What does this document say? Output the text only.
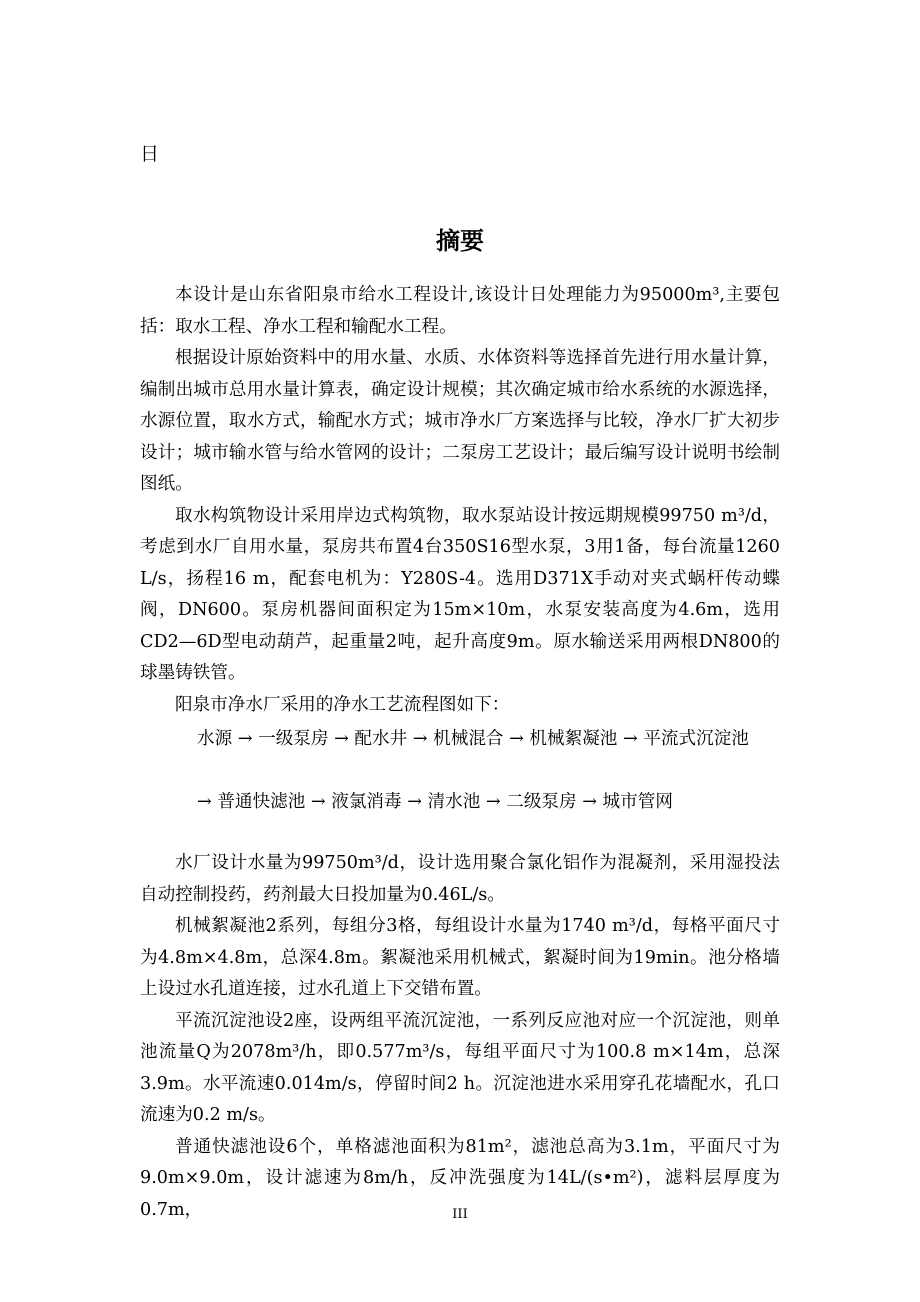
日
摘要

本设计是山东省阳泉市给水工程设计,该设计日处理能力为95000m³,主要包括：取水工程、净水工程和输配水工程。

根据设计原始资料中的用水量、水质、水体资料等选择首先进行用水量计算，编制出城市总用水量计算表，确定设计规模；其次确定城市给水系统的水源选择，水源位置，取水方式，输配水方式；城市净水厂方案选择与比较，净水厂扩大初步设计；城市输水管与给水管网的设计；二泵房工艺设计；最后编写设计说明书绘制图纸。

取水构筑物设计采用岸边式构筑物，取水泵站设计按远期规模99750 m³/d，考虑到水厂自用水量，泵房共布置4台350S16型水泵，3用1备，每台流量1260 L/s，扬程16 m，配套电机为：Y280S-4。选用D371X手动对夹式蜗杆传动蝶阀，DN600。泵房机器间面积定为15m×10m，水泵安装高度为4.6m，选用CD2—6D型电动葫芦，起重量2吨，起升高度9m。原水输送采用两根DN800的球墨铸铁管。

阳泉市净水厂采用的净水工艺流程图如下：

水源 → 一级泵房 → 配水井 → 机械混合 → 机械絮凝池 → 平流式沉淀池

→ 普通快滤池 → 液氯消毒 → 清水池 → 二级泵房 → 城市管网

水厂设计水量为99750m³/d，设计选用聚合氯化铝作为混凝剂，采用湿投法自动控制投药，药剂最大日投加量为0.46L/s。

机械絮凝池2系列，每组分3格，每组设计水量为1740 m³/d，每格平面尺寸为4.8m×4.8m，总深4.8m。絮凝池采用机械式，絮凝时间为19min。池分格墙上设过水孔道连接，过水孔道上下交错布置。

平流沉淀池设2座，设两组平流沉淀池，一系列反应池对应一个沉淀池，则单池流量Q为2078m³/h，即0.577m³/s，每组平面尺寸为100.8 m×14m，总深3.9m。水平流速0.014m/s，停留时间2 h。沉淀池进水采用穿孔花墙配水，孔口流速为0.2 m/s。

普通快滤池设6个，单格滤池面积为81m²，滤池总高为3.1m，平面尺寸为9.0m×9.0m，设计滤速为8m/h，反冲洗强度为14L/(s•m²)，滤料层厚度为0.7m，	III
